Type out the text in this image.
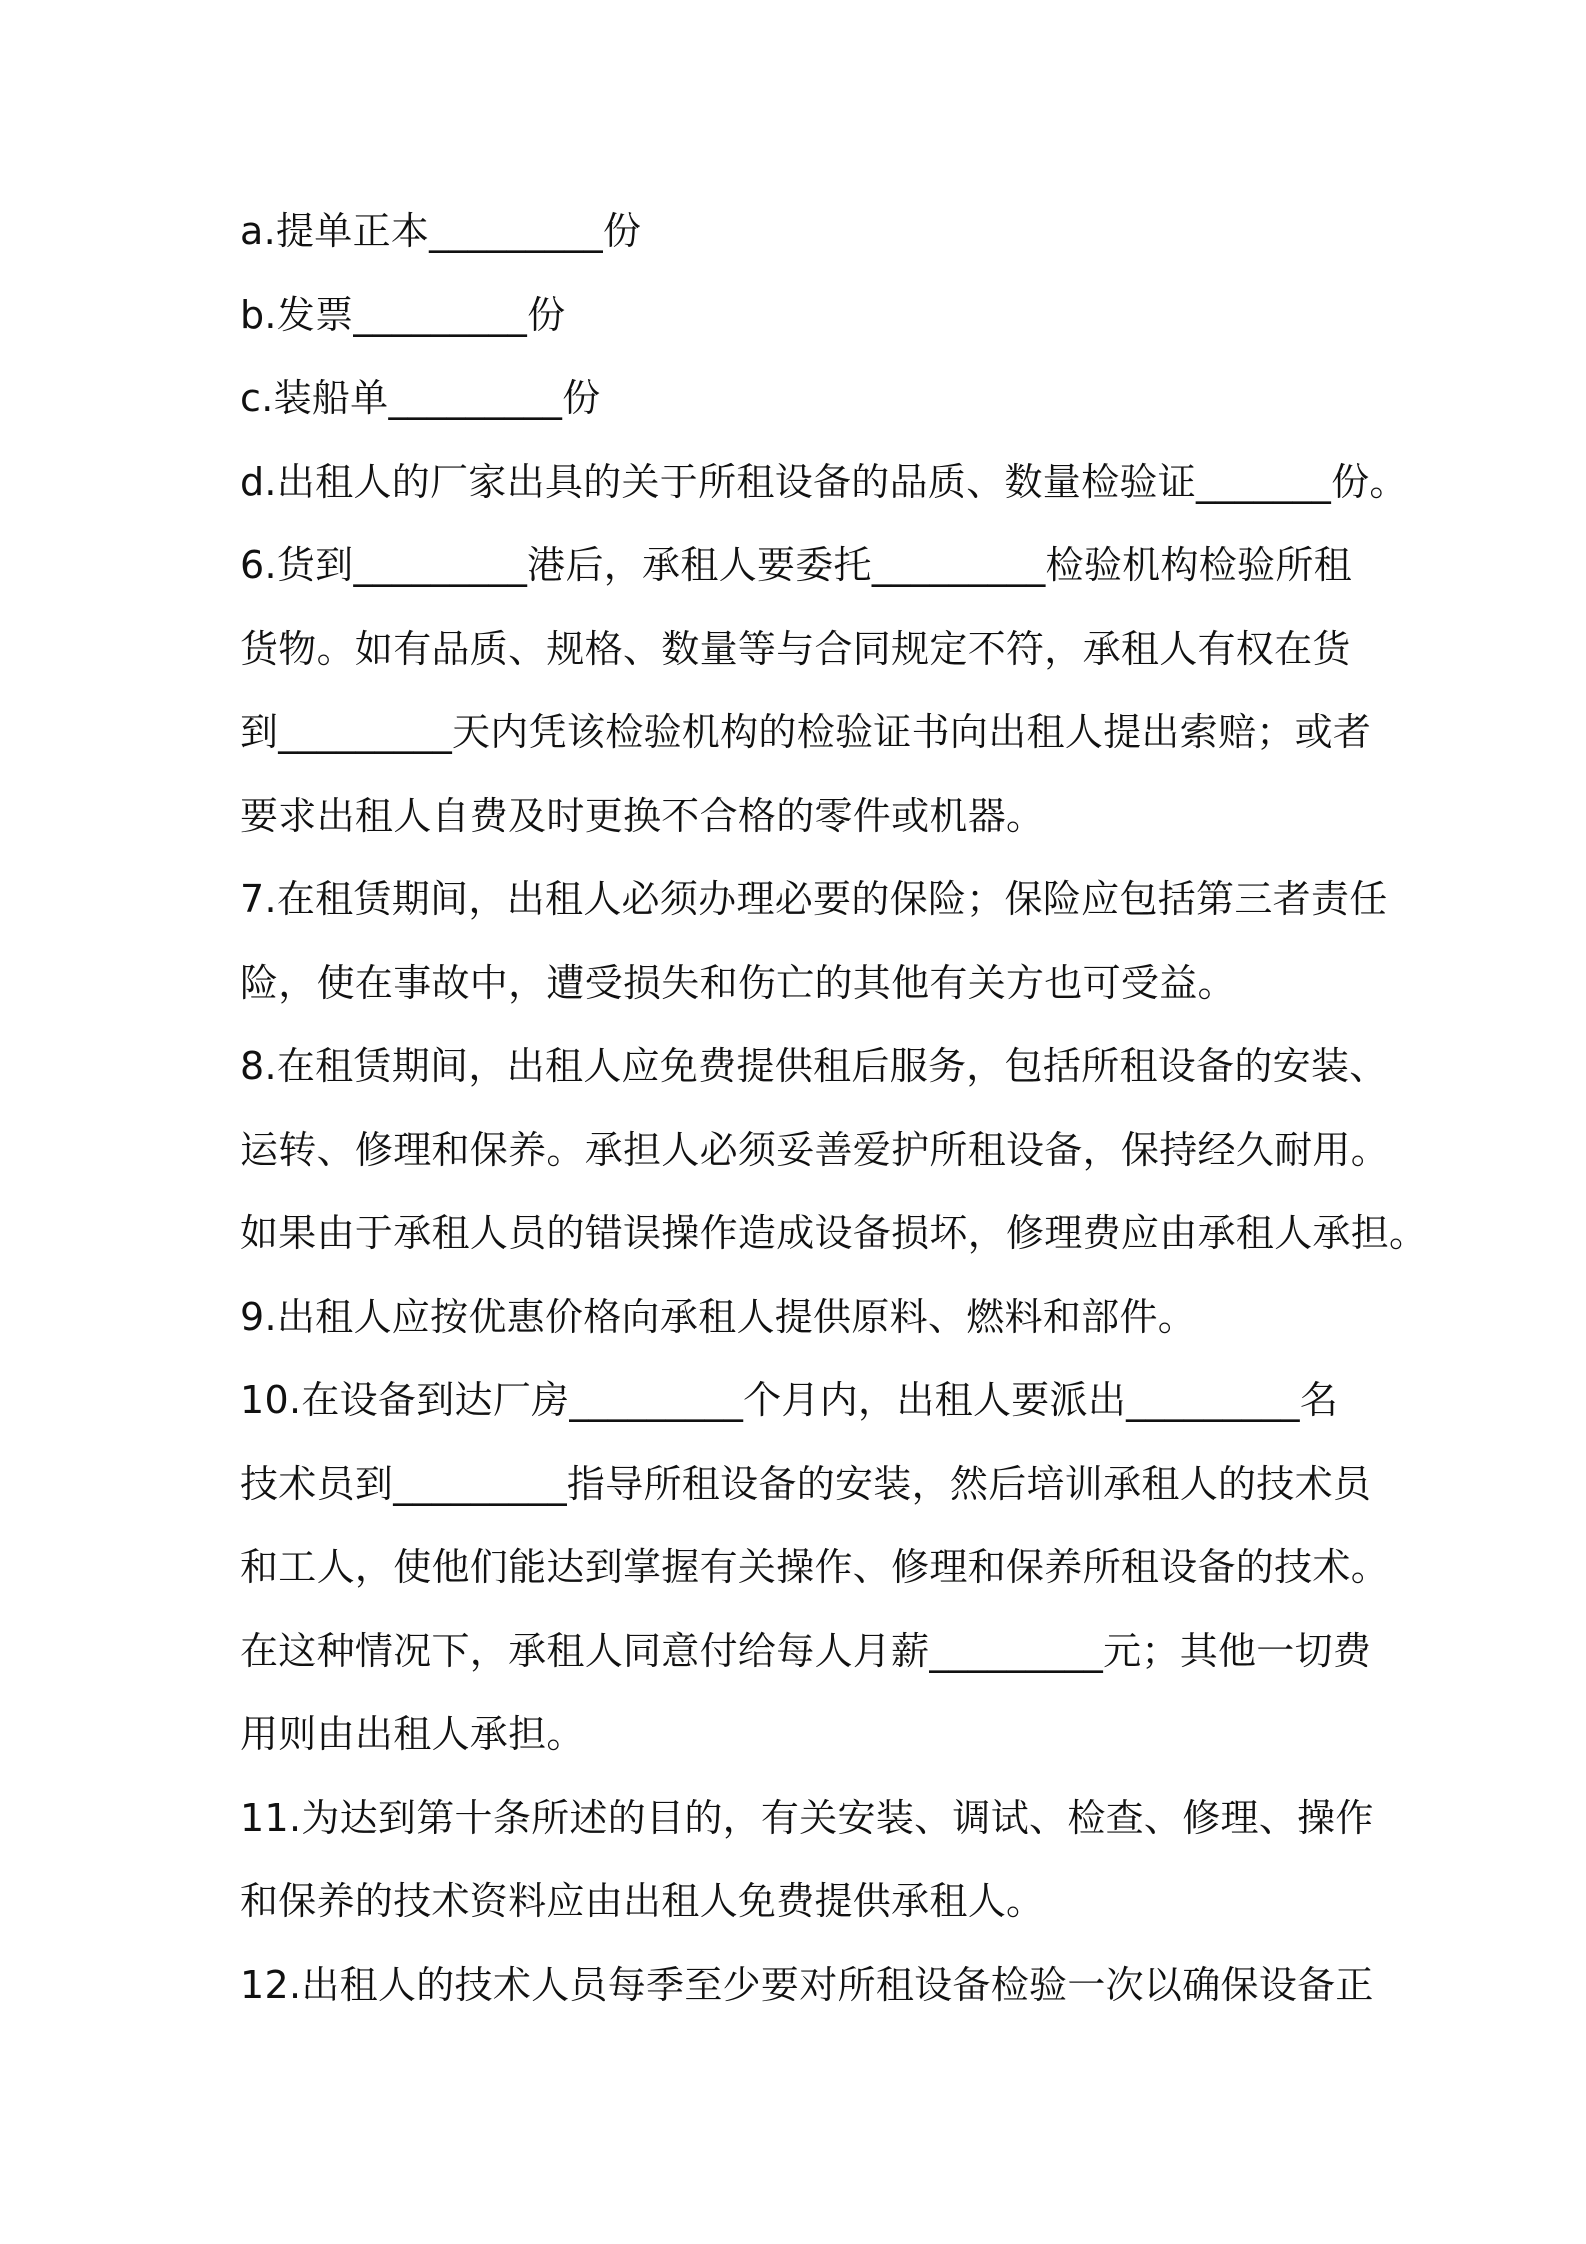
a.提单正本_________份
b.发票_________份
c.装船单_________份
d.出租人的厂家出具的关于所租设备的品质、数量检验证_______份。
6.货到_________港后，承租人要委托_________检验机构检验所租
货物。如有品质、规格、数量等与合同规定不符，承租人有权在货
到_________天内凭该检验机构的检验证书向出租人提出索赔；或者
要求出租人自费及时更换不合格的零件或机器。
7.在租赁期间，出租人必须办理必要的保险；保险应包括第三者责任
险，使在事故中，遭受损失和伤亡的其他有关方也可受益。
8.在租赁期间，出租人应免费提供租后服务，包括所租设备的安装、
运转、修理和保养。承担人必须妥善爱护所租设备，保持经久耐用。
如果由于承租人员的错误操作造成设备损坏，修理费应由承租人承担。
9.出租人应按优惠价格向承租人提供原料、燃料和部件。
10.在设备到达厂房_________个月内，出租人要派出_________名
技术员到_________指导所租设备的安装，然后培训承租人的技术员
和工人，使他们能达到掌握有关操作、修理和保养所租设备的技术。
在这种情况下，承租人同意付给每人月薪_________元；其他一切费
用则由出租人承担。
11.为达到第十条所述的目的，有关安装、调试、检查、修理、操作
和保养的技术资料应由出租人免费提供承租人。
12.出租人的技术人员每季至少要对所租设备检验一次以确保设备正
